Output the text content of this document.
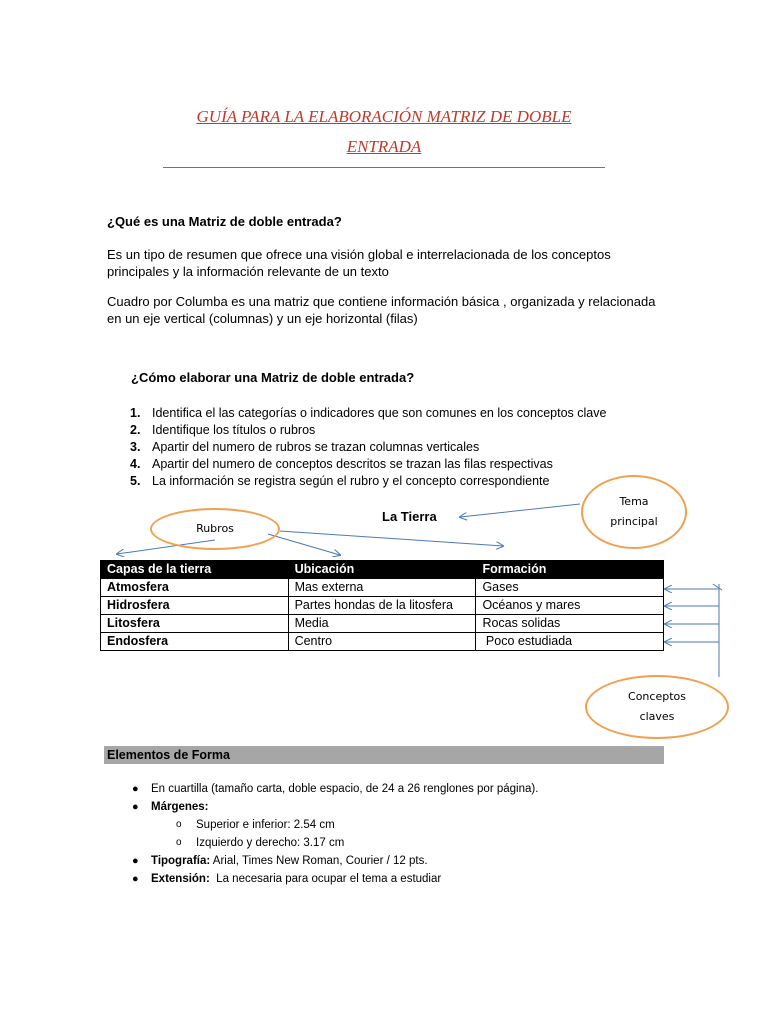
GUÍA PARA LA ELABORACIÓN MATRIZ DE DOBLE
ENTRADA
¿Qué es una Matriz de doble entrada?
Es un tipo de resumen que ofrece una visión global e interrelacionada de los conceptos principales y la información relevante de un texto
Cuadro por Columba es una matriz que contiene información básica , organizada y relacionada en un eje vertical (columnas) y un eje horizontal (filas)
¿Cómo elaborar una Matriz de doble entrada?
1. Identifica el las categorías o indicadores que son comunes en los conceptos clave
2. Identifique los títulos o rubros
3. Apartir del numero de rubros se trazan columnas verticales
4. Apartir del numero de conceptos descritos se trazan las filas respectivas
5. La información se registra según el rubro y el concepto correspondiente
Rubros
Tema principal
Conceptos claves
La Tierra
Capas de la tierra	Ubicación	Formación
Atmosfera	Mas externa	Gases
Hidrosfera	Partes hondas de la litosfera	Océanos y mares
Litosfera	Media	Rocas solidas
Endosfera	Centro	Poco estudiada
Elementos de Forma
● En cuartilla (tamaño carta, doble espacio, de 24 a 26 renglones por página).
● Márgenes:
o Superior e inferior: 2.54 cm
o Izquierdo y derecho: 3.17 cm
● Tipografía: Arial, Times New Roman, Courier / 12 pts.
● Extensión:  La necesaria para ocupar el tema a estudiar
